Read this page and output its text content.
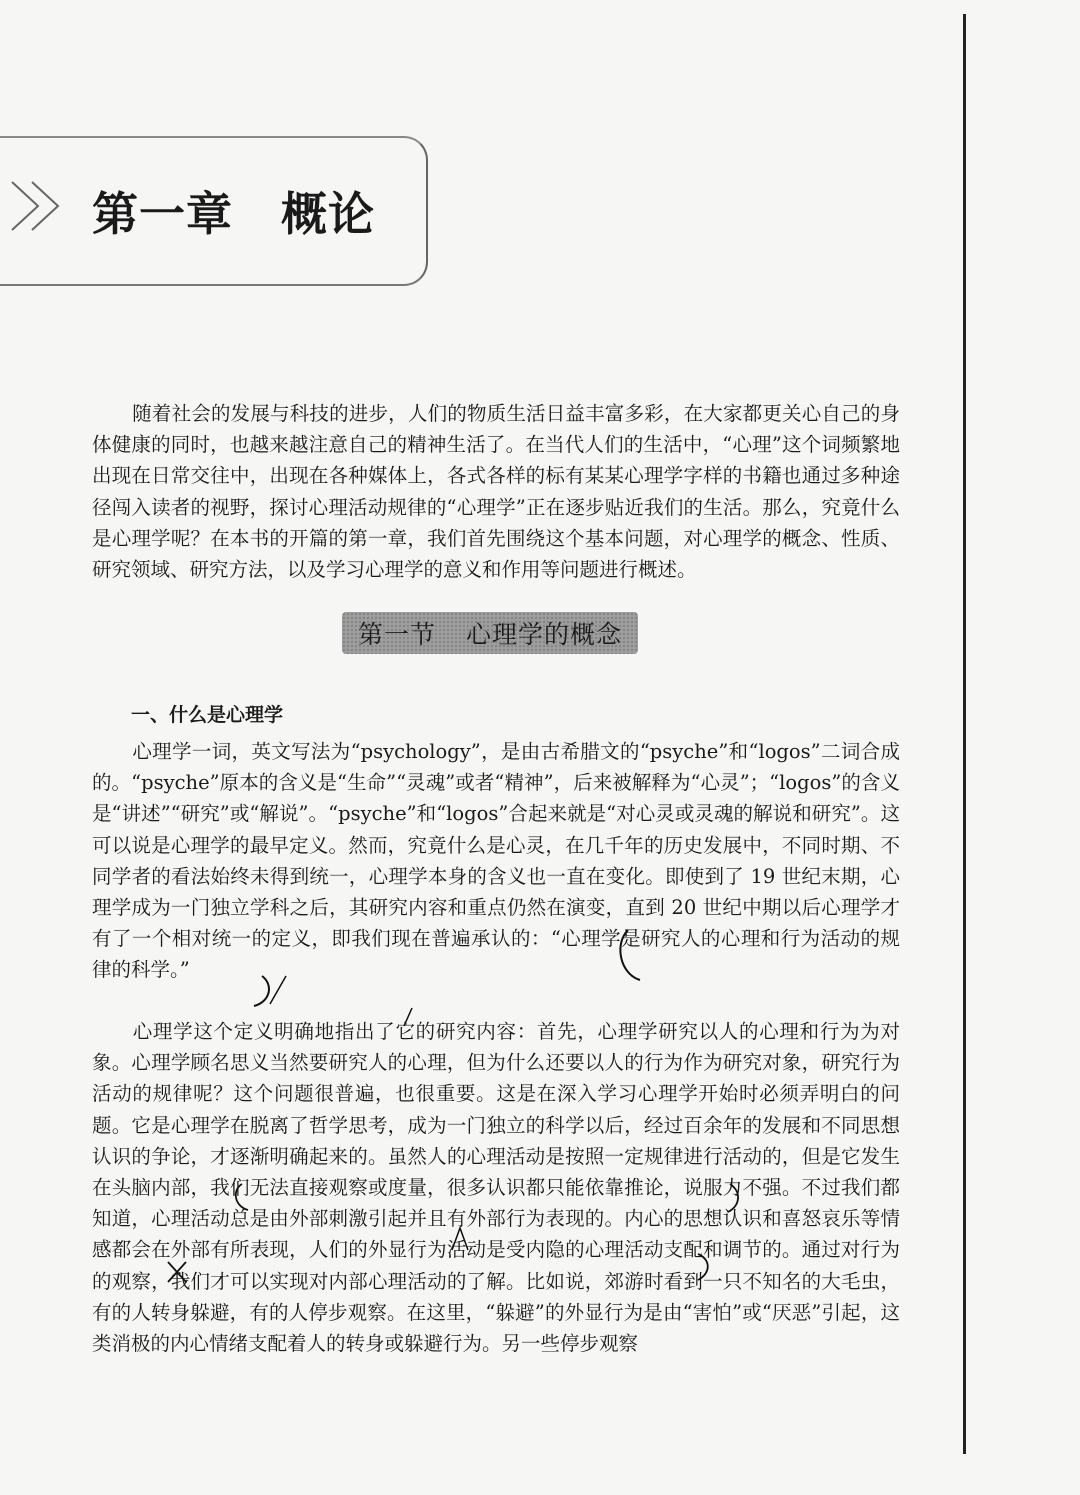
第一章 概论

随着社会的发展与科技的进步，人们的物质生活日益丰富多彩，在大家都更关心自己的身体健康的同时，也越来越注意自己的精神生活了。在当代人们的生活中，“心理”这个词频繁地出现在日常交往中，出现在各种媒体上，各式各样的标有某某心理学字样的书籍也通过多种途径闯入读者的视野，探讨心理活动规律的“心理学”正在逐步贴近我们的生活。那么，究竟什么是心理学呢？在本书的开篇的第一章，我们首先围绕这个基本问题，对心理学的概念、性质、研究领域、研究方法，以及学习心理学的意义和作用等问题进行概述。

第一节 心理学的概念
一、什么是心理学

心理学一词，英文写法为“psychology”，是由古希腊文的“psyche”和“logos”二词合成的。“psyche”原本的含义是“生命”“灵魂”或者“精神”，后来被解释为“心灵”；“logos”的含义是“讲述”“研究”或“解说”。“psyche”和“logos”合起来就是“对心灵或灵魂的解说和研究”。这可以说是心理学的最早定义。然而，究竟什么是心灵，在几千年的历史发展中，不同时期、不同学者的看法始终未得到统一，心理学本身的含义也一直在变化。即使到了 19 世纪末期，心理学成为一门独立学科之后，其研究内容和重点仍然在演变，直到 20 世纪中期以后心理学才有了一个相对统一的定义，即我们现在普遍承认的：“心理学是研究人的心理和行为活动的规律的科学。”

心理学这个定义明确地指出了它的研究内容：首先，心理学研究以人的心理和行为为对象。心理学顾名思义当然要研究人的心理，但为什么还要以人的行为作为研究对象，研究行为活动的规律呢？这个问题很普遍，也很重要。这是在深入学习心理学开始时必须弄明白的问题。它是心理学在脱离了哲学思考，成为一门独立的科学以后，经过百余年的发展和不同思想认识的争论，才逐渐明确起来的。虽然人的心理活动是按照一定规律进行活动的，但是它发生在头脑内部，我们无法直接观察或度量，很多认识都只能依靠推论，说服力不强。不过我们都知道，心理活动总是由外部刺激引起并且有外部行为表现的。内心的思想认识和喜怒哀乐等情感都会在外部有所表现，人们的外显行为活动是受内隐的心理活动支配和调节的。通过对行为的观察，我们才可以实现对内部心理活动的了解。比如说，郊游时看到一只不知名的大毛虫，有的人转身躲避，有的人停步观察。在这里，“躲避”的外显行为是由“害怕”或“厌恶”引起，这类消极的内心情绪支配着人的转身或躲避行为。另一些停步观察
